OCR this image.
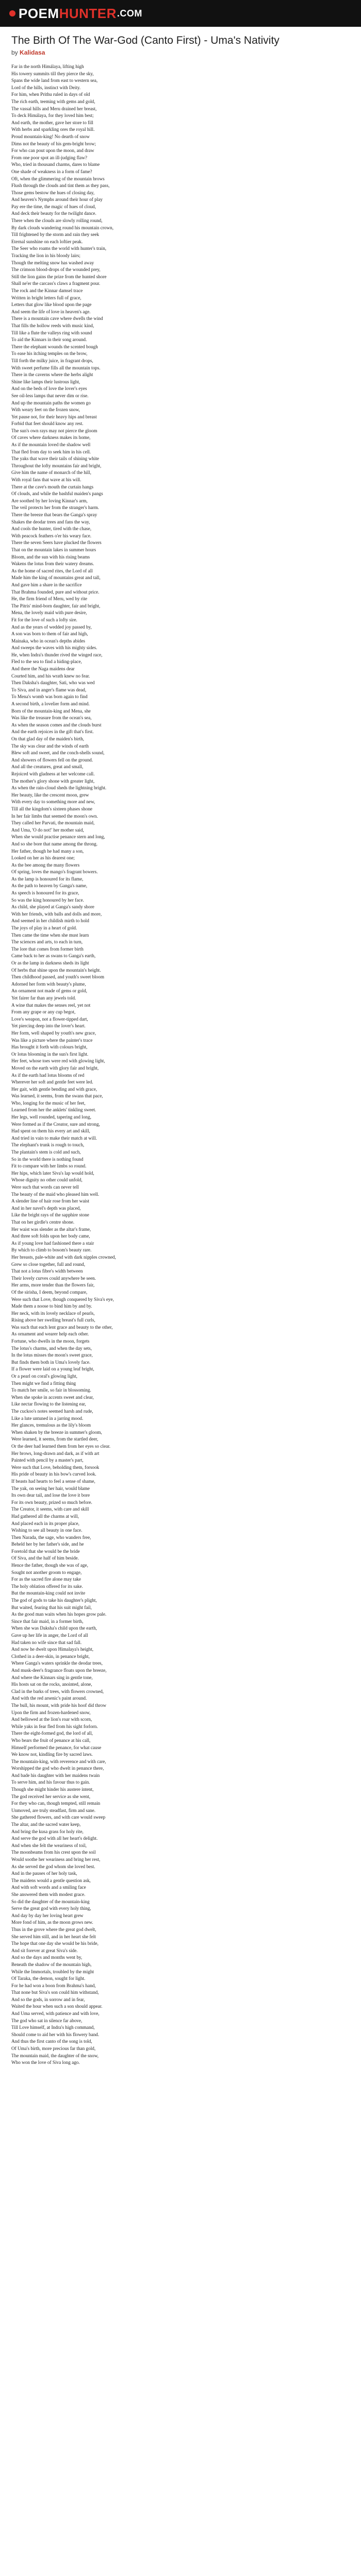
POEM HUNTER .COM
The Birth Of The War-God (Canto First) - Uma's Nativity
by Kalidasa
Far in the north Himálaya, lifting high
His towery summits till they pierce the sky,
Spans the wide land from east to western sea,
Lord of the hills, instinct with Deity.
For him, when Prithu ruled in days of old
The rich earth, teeming with gems and gold,
The vassal hills and Meru drained her breast,
To deck Himálaya, for they loved him best;
And earth, the mother, gave her store to fill
With herbs and sparkling ores the royal hill.
Proud mountain-king! No dearth of snow
Dims not the beauty of his gem-bright brow;
For who can pout upon the moon, and draw
From one poor spot an ill-judging flaw?
Who, tried in thousand charms, dares to blame
One shade of weakness in a form of fame?
Oft, when the glimmering of the mountain brows
Flush through the clouds and tint them as they pass,
Those gems bestow the hues of closing day,
And heaven's Nymphs around their hour of play
Pay ere the time, the magic of hues of cloud,
And deck their beauty for the twilight dance.
There when the clouds are slowly rolling round,
By dark clouds wandering round his mountain crown,
Till frightened by the storm and rain they seek
Eternal sunshine on each loftier peak.
The Seer who roams the world with hunter's train,
Tracking the lion in his bloody lairs;
Though the melting snow has washed away
The crimson blood-drops of the wounded prey,
Still the lion gains the prize from the hunted shore
Shall ne'er the carcass's claws a fragment pour.
The rock and the Kinnar damsel trace
Written in bright letters full of grace,
Letters that glow like blood upon the page
And seem the life of love in heaven's age.
There is a mountain cave where dwells the wind
That fills the hollow reeds with music kind,
Till like a flute the valleys ring with sound
To aid the Kinnars in their song around.
There the elephant wounds the scented bough
To ease his itching temples on the brow,
Till forth the milky juice, in fragrant drops,
With sweet perfume fills all the mountain tops.
There in the caverns where the herbs alight
Shine like lamps their lustrous light,
And on the beds of love the lover's eyes
See oil-less lamps that never dim or rise.
And up the mountain paths the women go
With weary feet on the frozen snow,
Yet pause not, for their heavy hips and breast
Forbid that feet should know any rest.
The sun's own rays may not pierce the gloom
Of caves where darkness makes its home,
As if the mountain loved the shadow well
That fled from day to seek him in his cell.
The yaks that wave their tails of shining white
Throughout the lofty mountains fair and bright,
Give him the name of monarch of the hill,
With royal fans that wave at his will.
There at the cave's mouth the curtain hangs
Of clouds, and while the bashful maiden's pangs
Are soothed by her loving Kinnar's arm,
The veil protects her from the stranger's harm.
There the breeze that bears the Ganga's spray
Shakes the deodar trees and fans the way,
And cools the hunter, tired with the chase,
With peacock feathers o'er his weary face.
There the seven Seers have plucked the flowers
That on the mountain lakes in summer hours
Bloom, and the sun with his rising beams
Wakens the lotus from their watery dreams.
As the home of sacred rites, the Lord of all
Made him the king of mountains great and tall,
And gave him a share in the sacrifice
That Brahma founded, pure and without price.
He, the firm friend of Meru, wed by rite
The Pitris' mind-born daughter, fair and bright,
Mena, the lovely maid with pure desire,
Fit for the love of such a lofty sire.
And as the years of wedded joy passed by,
A son was born to them of fair and high,
Mainaka, who in ocean's depths abides
And sweeps the waves with his mighty sides.
He, when Indra's thunder rived the winged race,
Fled to the sea to find a hiding-place,
And there the Naga maidens dear
Courted him, and his wrath knew no fear.
Then Daksha's daughter, Sati, who was wed
To Siva, and in anger's flame was dead,
To Mena's womb was born again to find
A second birth, a lovelier form and mind.
Born of the mountain-king and Mena, she
Was like the treasure from the ocean's sea,
As when the season comes and the clouds burst
And the earth rejoices in the gift that's first.
On that glad day of the maiden's birth,
The sky was clear and the winds of earth
Blew soft and sweet, and the conch-shells sound,
And showers of flowers fell on the ground.
And all the creatures, great and small,
Rejoiced with gladness at her welcome call.
The mother's glory shone with greater light,
As when the rain-cloud sheds the lightning bright.
Her beauty, like the crescent moon, grew
With every day to something more and new,
Till all the kingdom's sixteen phases shone
In her fair limbs that seemed the moon's own.
They called her Parvati, the mountain maid,
And Uma, 'O do not!' her mother said,
When she would practise penance stern and long,
And so she bore that name among the throng.
Her father, though he had many a son,
Looked on her as his dearest one;
As the bee among the many flowers
Of spring, loves the mango's fragrant bowers.
As the lamp is honoured for its flame,
As the path to heaven by Ganga's name,
As speech is honoured for its grace,
So was the king honoured by her face.
As child, she played at Ganga's sandy shore
With her friends, with balls and dolls and more,
And seemed in her childish mirth to hold
The joys of play in a heart of gold.
Then came the time when she must learn
The sciences and arts, to each in turn,
The lore that comes from former birth
Came back to her as swans to Ganga's earth,
Or as the lamp in darkness sheds its light
Of herbs that shine upon the mountain's height.
Then childhood passed, and youth's sweet bloom
Adorned her form with beauty's plume,
An ornament not made of gems or gold,
Yet fairer far than any jewels told.
A wine that makes the senses reel, yet not
From any grape or any cup begot,
Love's weapon, not a flower-tipped dart,
Yet piercing deep into the lover's heart.
Her form, well shaped by youth's new grace,
Was like a picture where the painter's trace
Has brought it forth with colours bright,
Or lotus blooming in the sun's first light.
Her feet, whose toes were red with glowing light,
Moved on the earth with glory fair and bright,
As if the earth had lotus blooms of red
Wherever her soft and gentle feet were led.
Her gait, with gentle bending and with grace,
Was learned, it seems, from the swans that pace,
Who, longing for the music of her feet,
Learned from her the anklets' tinkling sweet.
Her legs, well rounded, tapering and long,
Were formed as if the Creator, sure and strong,
Had spent on them his every art and skill,
And tried in vain to make their match at will.
The elephant's trunk is rough to touch,
The plantain's stem is cold and such,
So in the world there is nothing found
Fit to compare with her limbs so round.
Her hips, which later Siva's lap would hold,
Whose dignity no other could unfold,
Were such that words can never tell
The beauty of the maid who pleased him well.
A slender line of hair rose from her waist
And in her navel's depth was placed,
Like the bright rays of the sapphire stone
That on her girdle's centre shone.
Her waist was slender as the altar's frame,
And three soft folds upon her body came,
As if young love had fashioned there a stair
By which to climb to bosom's beauty rare.
Her breasts, pale-white and with dark nipples crowned,
Grew so close together, full and round,
That not a lotus fibre's width between
Their lovely curves could anywhere be seen.
Her arms, more tender than the flowers fair,
Of the sirisha, I deem, beyond compare,
Were such that Love, though conquered by Siva's eye,
Made them a noose to bind him by and by.
Her neck, with its lovely necklace of pearls,
Rising above her swelling breast's full curls,
Was such that each lent grace and beauty to the other,
As ornament and wearer help each other.
Fortune, who dwells in the moon, forgets
The lotus's charms, and when the day sets,
In the lotus misses the moon's sweet grace,
But finds them both in Uma's lovely face.
If a flower were laid on a young leaf bright,
Or a pearl on coral's glowing light,
Then might we find a fitting thing
To match her smile, so fair in blossoming.
When she spoke in accents sweet and clear,
Like nectar flowing to the listening ear,
The cuckoo's notes seemed harsh and rude,
Like a lute untuned in a jarring mood.
Her glances, tremulous as the lily's bloom
When shaken by the breeze in summer's gloom,
Were learned, it seems, from the startled deer,
Or the deer had learned them from her eyes so clear.
Her brows, long-drawn and dark, as if with art
Painted with pencil by a master's part,
Were such that Love, beholding them, forsook
His pride of beauty in his bow's curved look.
If beasts had hearts to feel a sense of shame,
The yak, on seeing her hair, would blame
Its own dear tail, and lose the love it bore
For its own beauty, prized so much before.
The Creator, it seems, with care and skill
Had gathered all the charms at will,
And placed each in its proper place,
Wishing to see all beauty in one face.
Then Narada, the sage, who wanders free,
Beheld her by her father's side, and he
Foretold that she would be the bride
Of Siva, and the half of him beside.
Hence the father, though she was of age,
Sought not another groom to engage,
For as the sacred fire alone may take
The holy oblation offered for its sake.
But the mountain-king could not invite
The god of gods to take his daughter's plight,
But waited, fearing that his suit might fail,
As the good man waits when his hopes grow pale.
Since that fair maid, in a former birth,
When she was Daksha's child upon the earth,
Gave up her life in anger, the Lord of all
Had taken no wife since that sad fall.
And now he dwelt upon Himalaya's height,
Clothed in a deer-skin, in penance bright,
Where Ganga's waters sprinkle the deodar trees,
And musk-deer's fragrance floats upon the breeze,
And where the Kinnars sing in gentle tone,
His hosts sat on the rocks, anointed, alone,
Clad in the barks of trees, with flowers crowned,
And with the red arsenic's paint around.
The bull, his mount, with pride his hoof did throw
Upon the firm and frozen-hardened snow,
And bellowed at the lion's roar with scorn,
While yaks in fear fled from his sight forlorn.
There the eight-formed god, the lord of all,
Who bears the fruit of penance at his call,
Himself performed the penance, for what cause
We know not, kindling fire by sacred laws.
The mountain-king, with reverence and with care,
Worshipped the god who dwelt in penance there,
And bade his daughter with her maidens twain
To serve him, and his favour thus to gain.
Though she might hinder his austere intent,
The god received her service as she went,
For they who can, though tempted, still remain
Unmoved, are truly steadfast, firm and sane.
She gathered flowers, and with care would sweep
The altar, and the sacred water keep,
And bring the kusa grass for holy rite,
And serve the god with all her heart's delight.
And when she felt the weariness of toil,
The moonbeams from his crest upon the soil
Would soothe her weariness and bring her rest,
As she served the god whom she loved best.
And in the pauses of her holy task,
The maidens would a gentle question ask,
And with soft words and a smiling face
She answered them with modest grace.
So did the daughter of the mountain-king
Serve the great god with every holy thing,
And day by day her loving heart grew
More fond of him, as the moon grows new.
Thus in the grove where the great god dwelt,
She served him still, and in her heart she felt
The hope that one day she would be his bride,
And sit forever at great Siva's side.
And so the days and months went by,
Beneath the shadow of the mountain high,
While the Immortals, troubled by the might
Of Taraka, the demon, sought for light.
For he had won a boon from Brahma's hand,
That none but Siva's son could him withstand,
And so the gods, in sorrow and in fear,
Waited the hour when such a son should appear.
And Uma served, with patience and with love,
The god who sat in silence far above,
Till Love himself, at Indra's high command,
Should come to aid her with his flowery band.
And thus the first canto of the song is told,
Of Uma's birth, more precious far than gold,
The mountain maid, the daughter of the snow,
Who won the love of Siva long ago.
